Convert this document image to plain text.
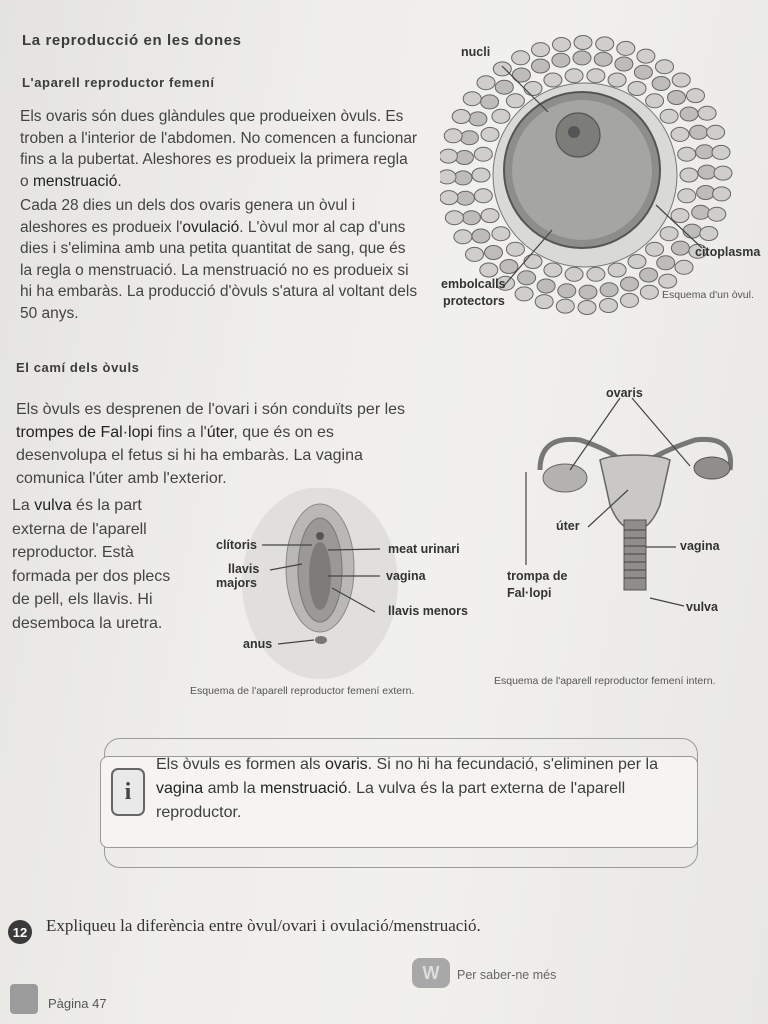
La reproducció en les dones
L'aparell reproductor femení
Els ovaris són dues glàndules que produeixen òvuls. Es troben a l'interior de l'abdomen. No comencen a funcionar fins a la pubertat. Aleshores es produeix la primera regla o menstruació.
Cada 28 dies un dels dos ovaris genera un òvul i aleshores es produeix l'ovulació. L'òvul mor al cap d'uns dies i s'elimina amb una petita quantitat de sang, que és la regla o menstruació. La menstruació no es produeix si hi ha embaràs. La producció d'òvuls s'atura al voltant dels 50 anys.
nucli
citoplasma
embolcalls
protectors	Esquema d'un òvul.
El camí dels òvuls
Els òvuls es desprenen de l'ovari i són conduïts per les trompes de Fal·lopi fins a l'úter, que és on es desenvolupa el fetus si hi ha embaràs. La vagina comunica l'úter amb l'exterior.
La vulva és la part externa de l'aparell reproductor. Està formada per dos plecs de pell, els llavis. Hi desemboca la uretra.
clítoris
llavis
majors
meat urinari
vagina
llavis menors
anus
Esquema de l'aparell reproductor femení extern.
ovaris
úter
vagina
trompa de
Fal·lopi
vulva
Esquema de l'aparell reproductor femení intern.
i
Els òvuls es formen als ovaris. Si no hi ha fecundació, s'eliminen per la vagina amb la menstruació. La vulva és la part externa de l'aparell reproductor.
12 Expliqueu la diferència entre òvul/ovari i ovulació/menstruació.
Pàgina 47
W	Per saber-ne més
